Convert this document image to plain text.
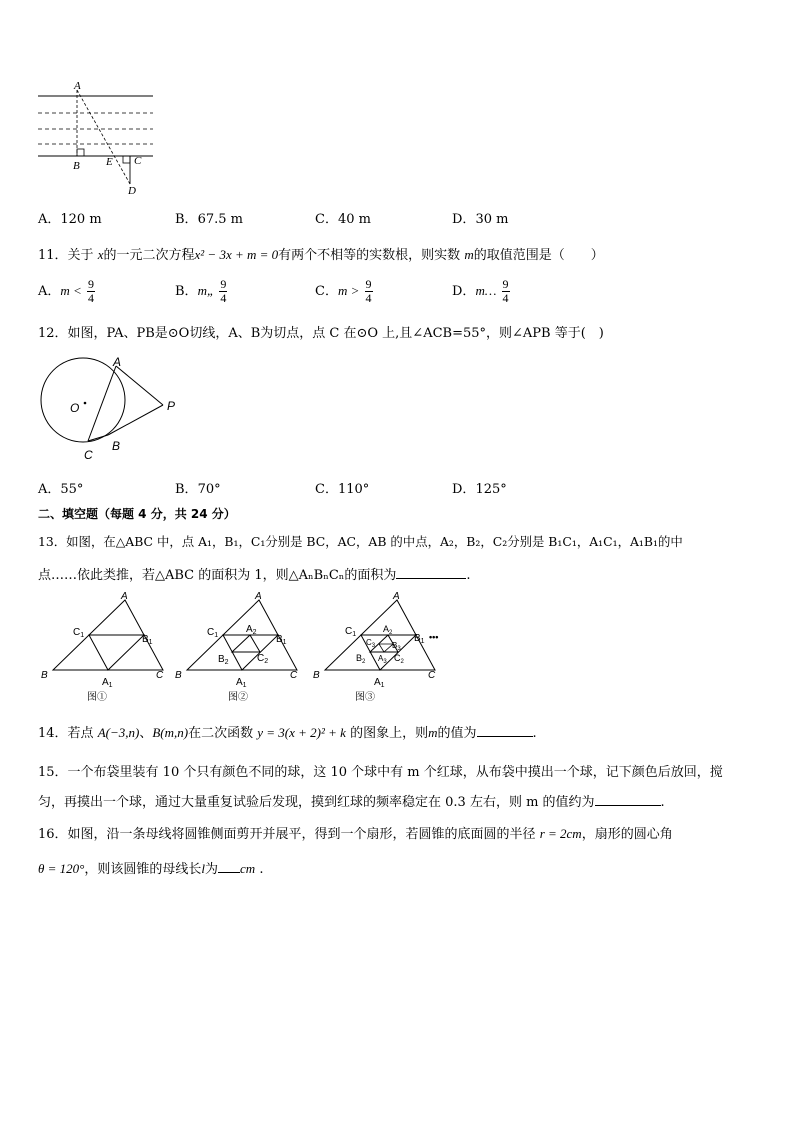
A
B E C
D
A．120 m	B．67.5 m	C．40 m	D．30 m
11．关于 x的一元二次方程x² − 3x + m = 0有两个不相等的实数根，则实数 m的取值范围是（　　）
A．$m < \frac{9}{4}$	B．m„ $\frac{9}{4}$	C．$m > \frac{9}{4}$	D．m… $\frac{9}{4}$
12．如图，PA、PB是⊙O切线，A、B为切点，点 C 在⊙O 上,且∠ACB=55°，则∠APB 等于(　)
A
O	P
B
C
A．55°	B．70°	C．110°	D．125°
二、填空题（每题 4 分，共 24 分）
13．如图，在△ABC 中，点 A₁，B₁，C₁分别是 BC，AC，AB 的中点，A₂，B₂，C₂分别是 B₁C₁，A₁C₁，A₁B₁的中
点……依此类推，若△ABC 的面积为 1，则△AₙBₙCₙ的面积为	.
A
$C_1$	$B_1$
B	C
$A_1$
图①
A
$C_1$
$A_2$
$B_1$
$B_2$	$C_2$
B	C
$A_1$
图②
A
$C_1$
$A_2$
$C_3$ $B_3$
$B_1$ •••
$B_2$ $A_3$ $C_2$
B	C
$A_1$
图③
14．若点 A(−3,n)、B(m,n)在二次函数 y = 3(x + 2)² + k 的图象上，则m的值为	.
15．一个布袋里装有 10 个只有颜色不同的球，这 10 个球中有 m 个红球，从布袋中摸出一个球，记下颜色后放回，搅
匀，再摸出一个球，通过大量重复试验后发现，摸到红球的频率稳定在 0.3 左右，则 m 的值约为	.
16．如图，沿一条母线将圆锥侧面剪开并展平，得到一个扇形，若圆锥的底面圆的半径 r = 2cm，扇形的圆心角
θ = 120°，则该圆锥的母线长l为 cm .
